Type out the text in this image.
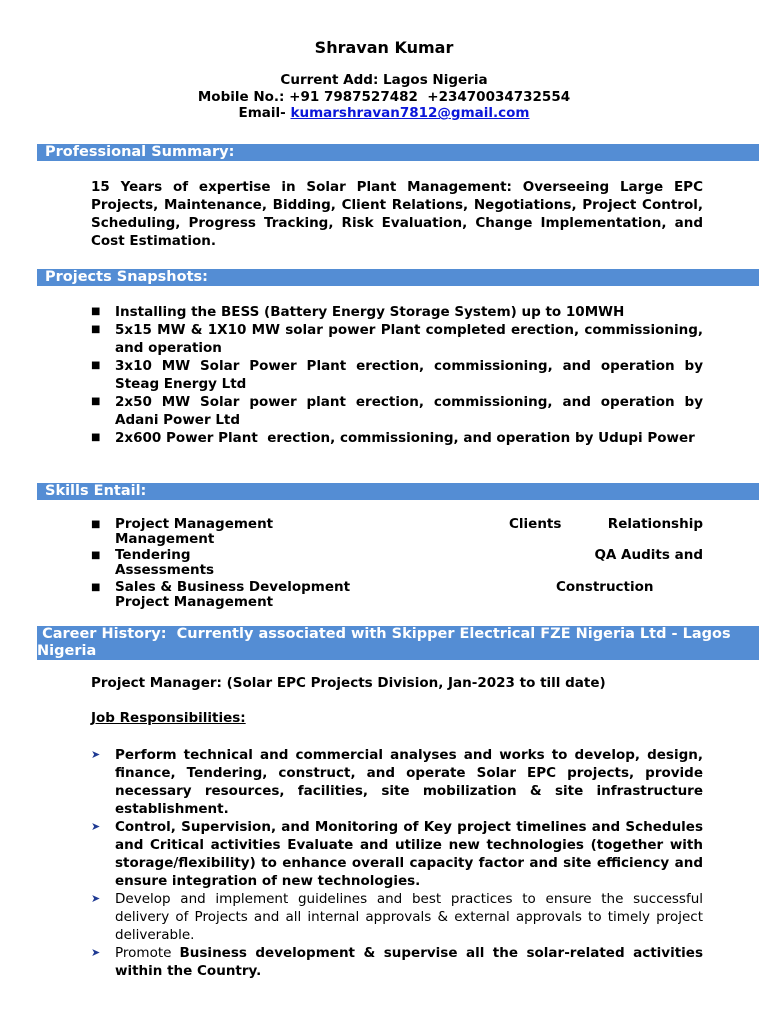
Shravan Kumar
Current Add: Lagos Nigeria
Mobile No.: +91 7987527482  +23470034732554
Email- kumarshravan7812@gmail.com
Professional Summary:
15 Years of expertise in Solar Plant Management: Overseeing Large EPC Projects, Maintenance, Bidding, Client Relations, Negotiations, Project Control, Scheduling, Progress Tracking, Risk Evaluation, Change Implementation, and Cost Estimation.
Projects Snapshots:
■ Installing the BESS (Battery Energy Storage System) up to 10MWH
■ 5x15 MW & 1X10 MW solar power Plant completed erection, commissioning, and operation
■ 3x10 MW Solar Power Plant erection, commissioning, and operation by Steag Energy Ltd
■ 2x50 MW Solar power plant erection, commissioning, and operation by Adani Power Ltd
■ 2x600 Power Plant  erection, commissioning, and operation by Udupi Power
Skills Entail:
■ Project Management	Clients	Relationship
Management
■ Tendering	QA Audits and
Assessments
■ Sales & Business Development	Construction
Project Management
Career History:  Currently associated with Skipper Electrical FZE Nigeria Ltd - Lagos Nigeria
Project Manager: (Solar EPC Projects Division, Jan-2023 to till date)
Job Responsibilities:
➤ Perform technical and commercial analyses and works to develop, design, finance, Tendering, construct, and operate Solar EPC projects, provide necessary resources, facilities, site mobilization & site infrastructure establishment.
➤ Control, Supervision, and Monitoring of Key project timelines and Schedules and Critical activities Evaluate and utilize new technologies (together with storage/flexibility) to enhance overall capacity factor and site efficiency and ensure integration of new technologies.
➤ Develop and implement guidelines and best practices to ensure the successful delivery of Projects and all internal approvals & external approvals to timely project deliverable.
➤ Promote Business development & supervise all the solar-related activities within the Country.
